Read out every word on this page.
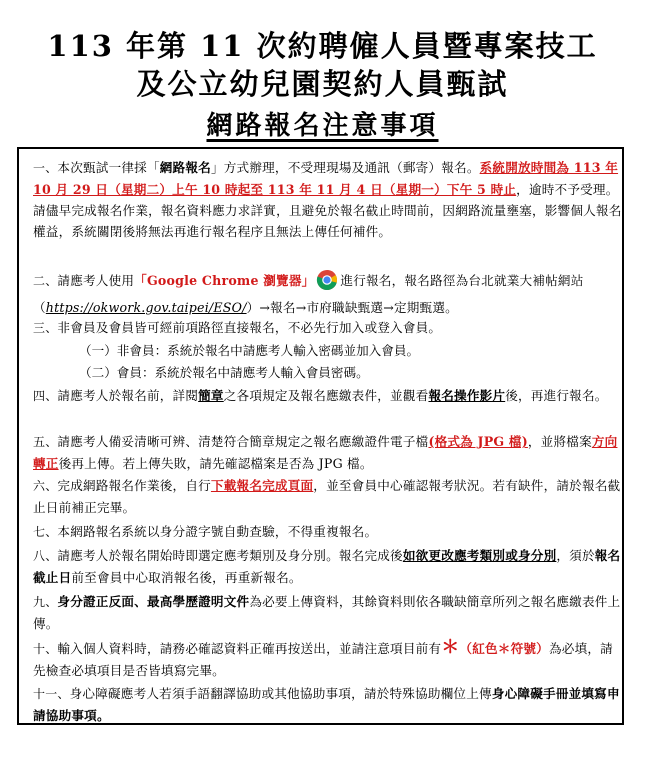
113 年第 11 次約聘僱人員暨專案技工
及公立幼兒園契約人員甄試
網路報名注意事項
一、本次甄試一律採「網路報名」方式辦理，不受理現場及通訊（郵寄）報名。系統開放時間為 113 年 10 月 29 日（星期二）上午 10 時起至 113 年 11 月 4 日（星期一）下午 5 時止，逾時不予受理。請儘早完成報名作業，報名資料應力求詳實，且避免於報名截止時間前，因網路流量壅塞，影響個人報名權益，系統關閉後將無法再進行報名程序且無法上傳任何補件。
二、請應考人使用「Google Chrome 瀏覽器」 進行報名，報名路徑為台北就業大補帖網站（https://okwork.gov.taipei/ESO/）→報名→市府職缺甄選→定期甄選。
三、非會員及會員皆可經前項路徑直接報名，不必先行加入或登入會員。
（一）非會員：系統於報名中請應考人輸入密碼並加入會員。
（二）會員：系統於報名中請應考人輸入會員密碼。
四、請應考人於報名前，詳閱簡章之各項規定及報名應繳表件，並觀看報名操作影片後，再進行報名。
五、請應考人備妥清晰可辨、清楚符合簡章規定之報名應繳證件電子檔(格式為 JPG 檔)，並將檔案方向轉正後再上傳。若上傳失敗，請先確認檔案是否為 JPG 檔。
六、完成網路報名作業後，自行下載報名完成頁面，並至會員中心確認報考狀況。若有缺件，請於報名截止日前補正完畢。
七、本網路報名系統以身分證字號自動查驗，不得重複報名。
八、請應考人於報名開始時即選定應考類別及身分別。報名完成後如欲更改應考類別或身分別，須於報名截止日前至會員中心取消報名後，再重新報名。
九、身分證正反面、最高學歷證明文件為必要上傳資料，其餘資料則依各職缺簡章所列之報名應繳表件上傳。
十、輸入個人資料時，請務必確認資料正確再按送出，並請注意項目前有＊（紅色＊符號）為必填，請先檢查必填項目是否皆填寫完畢。
十一、身心障礙應考人若須手語翻譯協助或其他協助事項，請於特殊協助欄位上傳身心障礙手冊並填寫申請協助事項。
